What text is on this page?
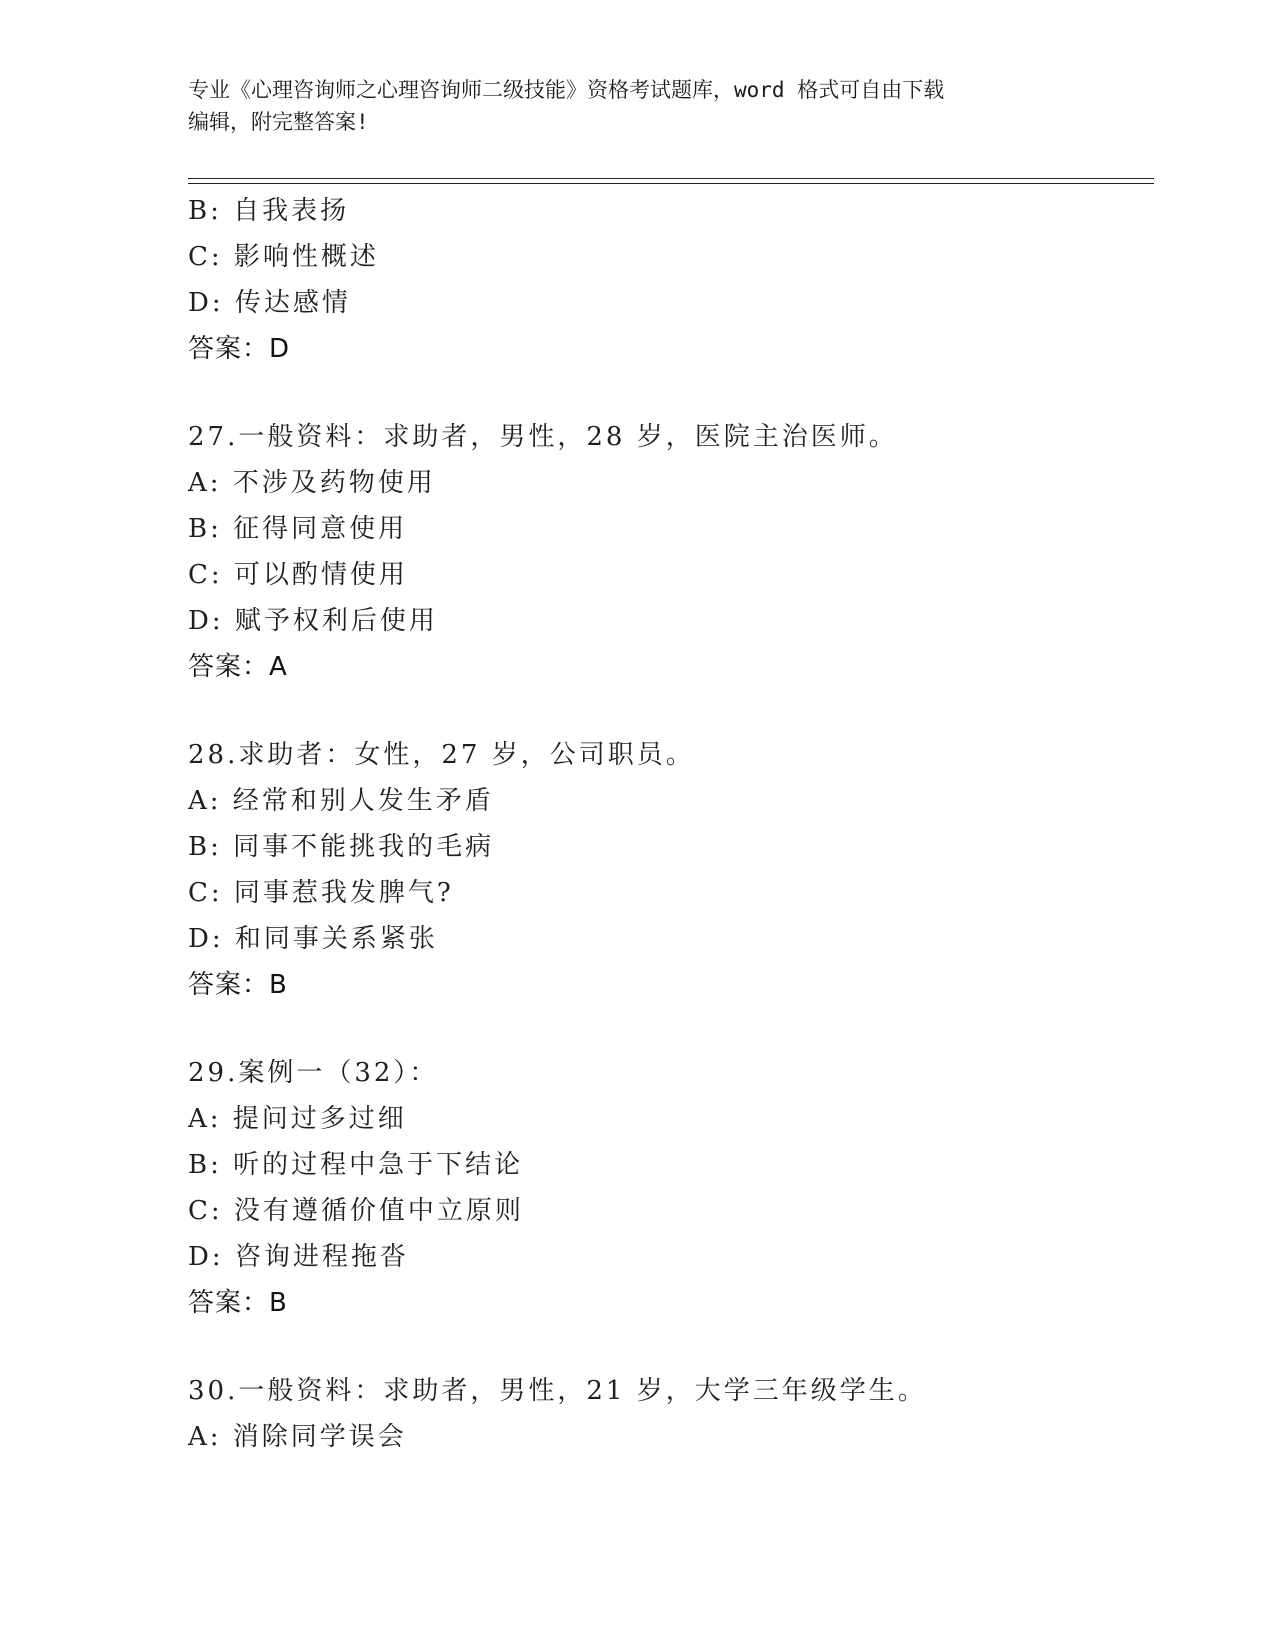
专业《心理咨询师之心理咨询师二级技能》资格考试题库，word 格式可自由下载
编辑，附完整答案!
B: 自我表扬
C: 影响性概述
D: 传达感情
答案：D
27.一般资料：求助者，男性，28 岁，医院主治医师。
A: 不涉及药物使用
B: 征得同意使用
C: 可以酌情使用
D: 赋予权利后使用
答案：A
28.求助者：女性，27 岁，公司职员。
A: 经常和别人发生矛盾
B: 同事不能挑我的毛病
C: 同事惹我发脾气?
D: 和同事关系紧张
答案：B
29.案例一（32）：
A: 提问过多过细
B: 听的过程中急于下结论
C: 没有遵循价值中立原则
D: 咨询进程拖沓
答案：B
30.一般资料：求助者，男性，21 岁，大学三年级学生。
A: 消除同学误会
